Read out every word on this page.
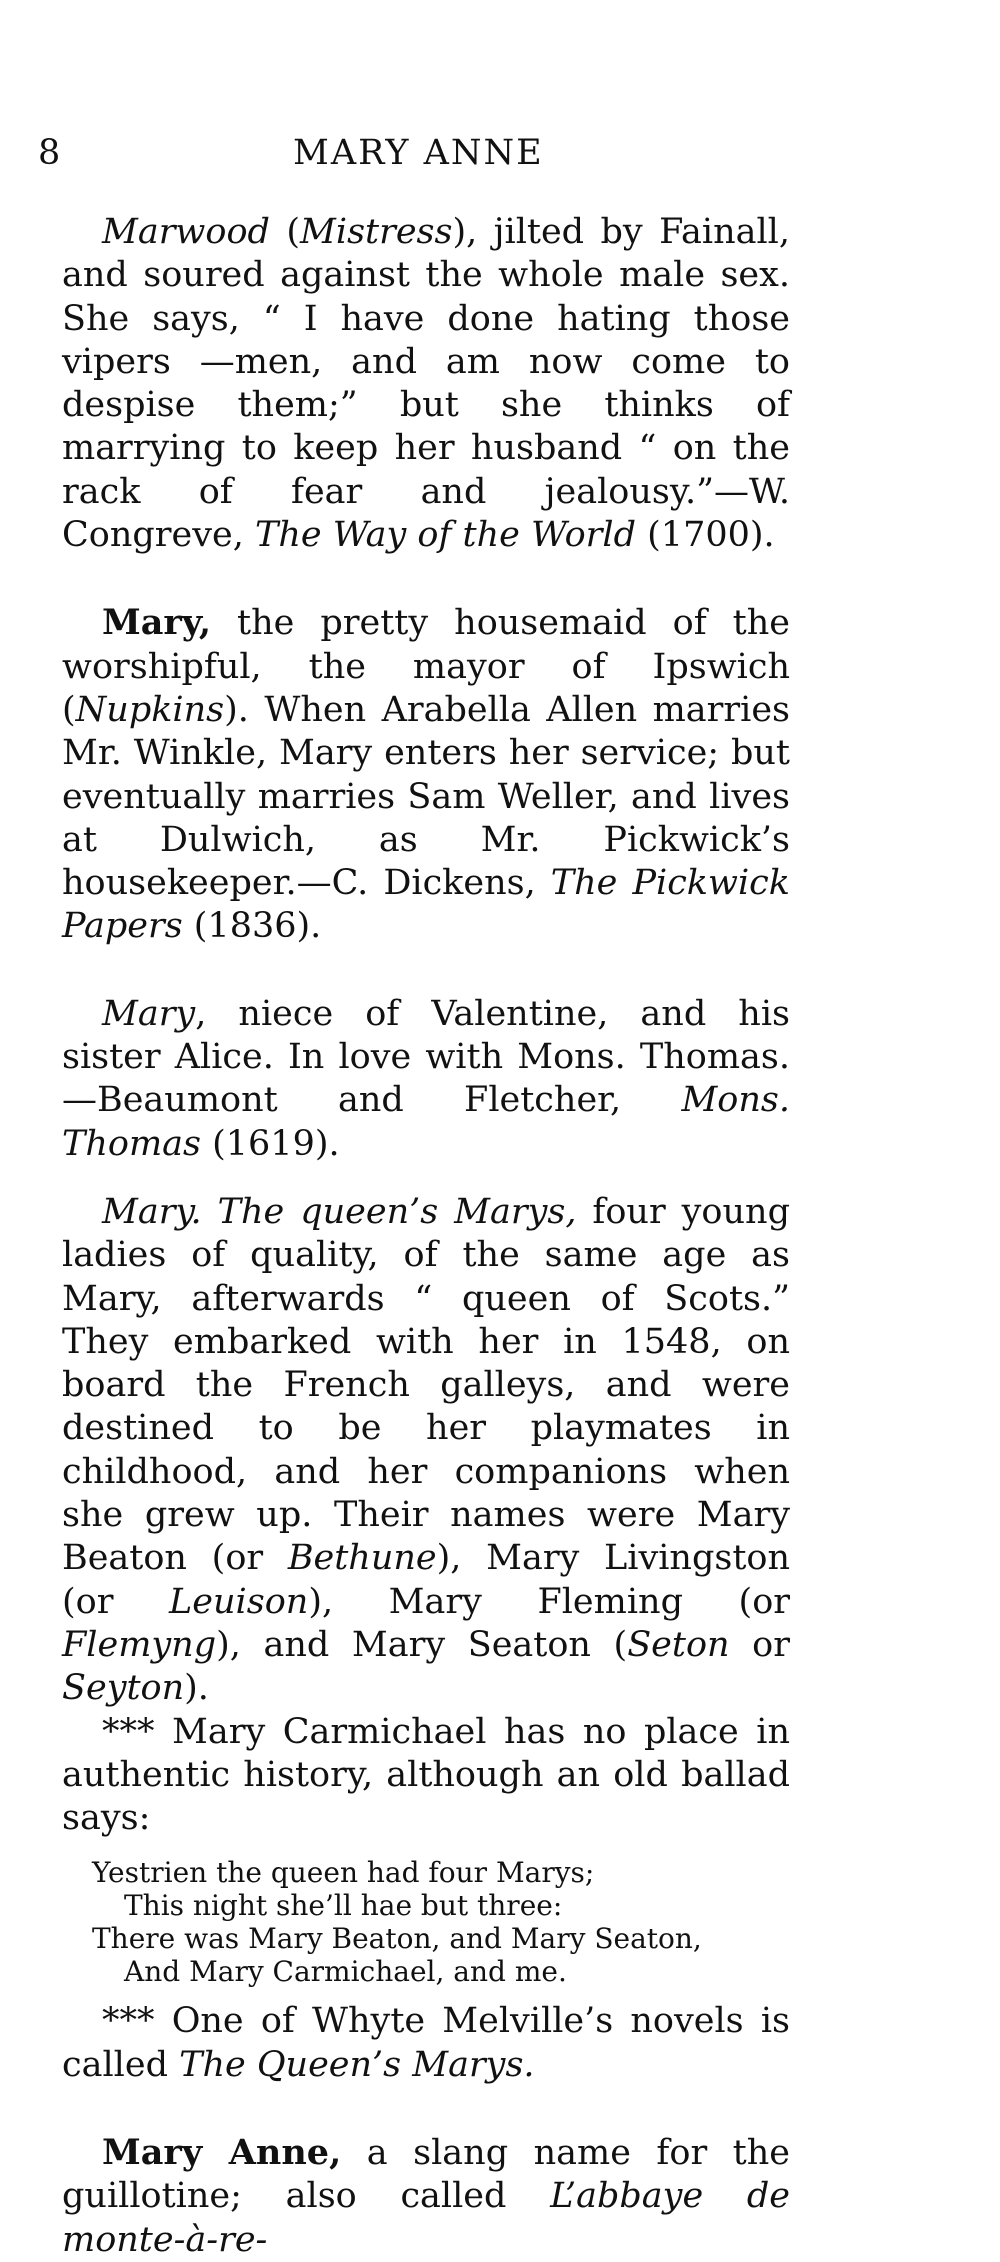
8	MARY ANNE

Marwood (Mistress), jilted by Fainall, and soured against the whole male sex. She says, “ I have done hating those vipers —men, and am now come to despise them;” but she thinks of marrying to keep her husband “ on the rack of fear and jealousy.”—W. Congreve, The Way of the World (1700).

Mary, the pretty housemaid of the worshipful, the mayor of Ipswich (Nupkins). When Arabella Allen marries Mr. Winkle, Mary enters her service; but eventually marries Sam Weller, and lives at Dulwich, as Mr. Pickwick’s housekeeper.—C. Dickens, The Pickwick Papers (1836).

Mary, niece of Valentine, and his sister Alice. In love with Mons. Thomas.—Beaumont and Fletcher, Mons. Thomas (1619).

Mary. The queen’s Marys, four young ladies of quality, of the same age as Mary, afterwards “ queen of Scots.” They embarked with her in 1548, on board the French galleys, and were destined to be her playmates in childhood, and her companions when she grew up. Their names were Mary Beaton (or Bethune), Mary Livingston (or Leuison), Mary Fleming (or Flemyng), and Mary Seaton (Seton or Seyton).

*** Mary Carmichael has no place in authentic history, although an old ballad says:

Yestrien the queen had four Marys;
This night she’ll hae but three:
There was Mary Beaton, and Mary Seaton,
And Mary Carmichael, and me.

*** One of Whyte Melville’s novels is called The Queen’s Marys.

Mary Anne, a slang name for the guillotine; also called L’abbaye de monte-à-re-
